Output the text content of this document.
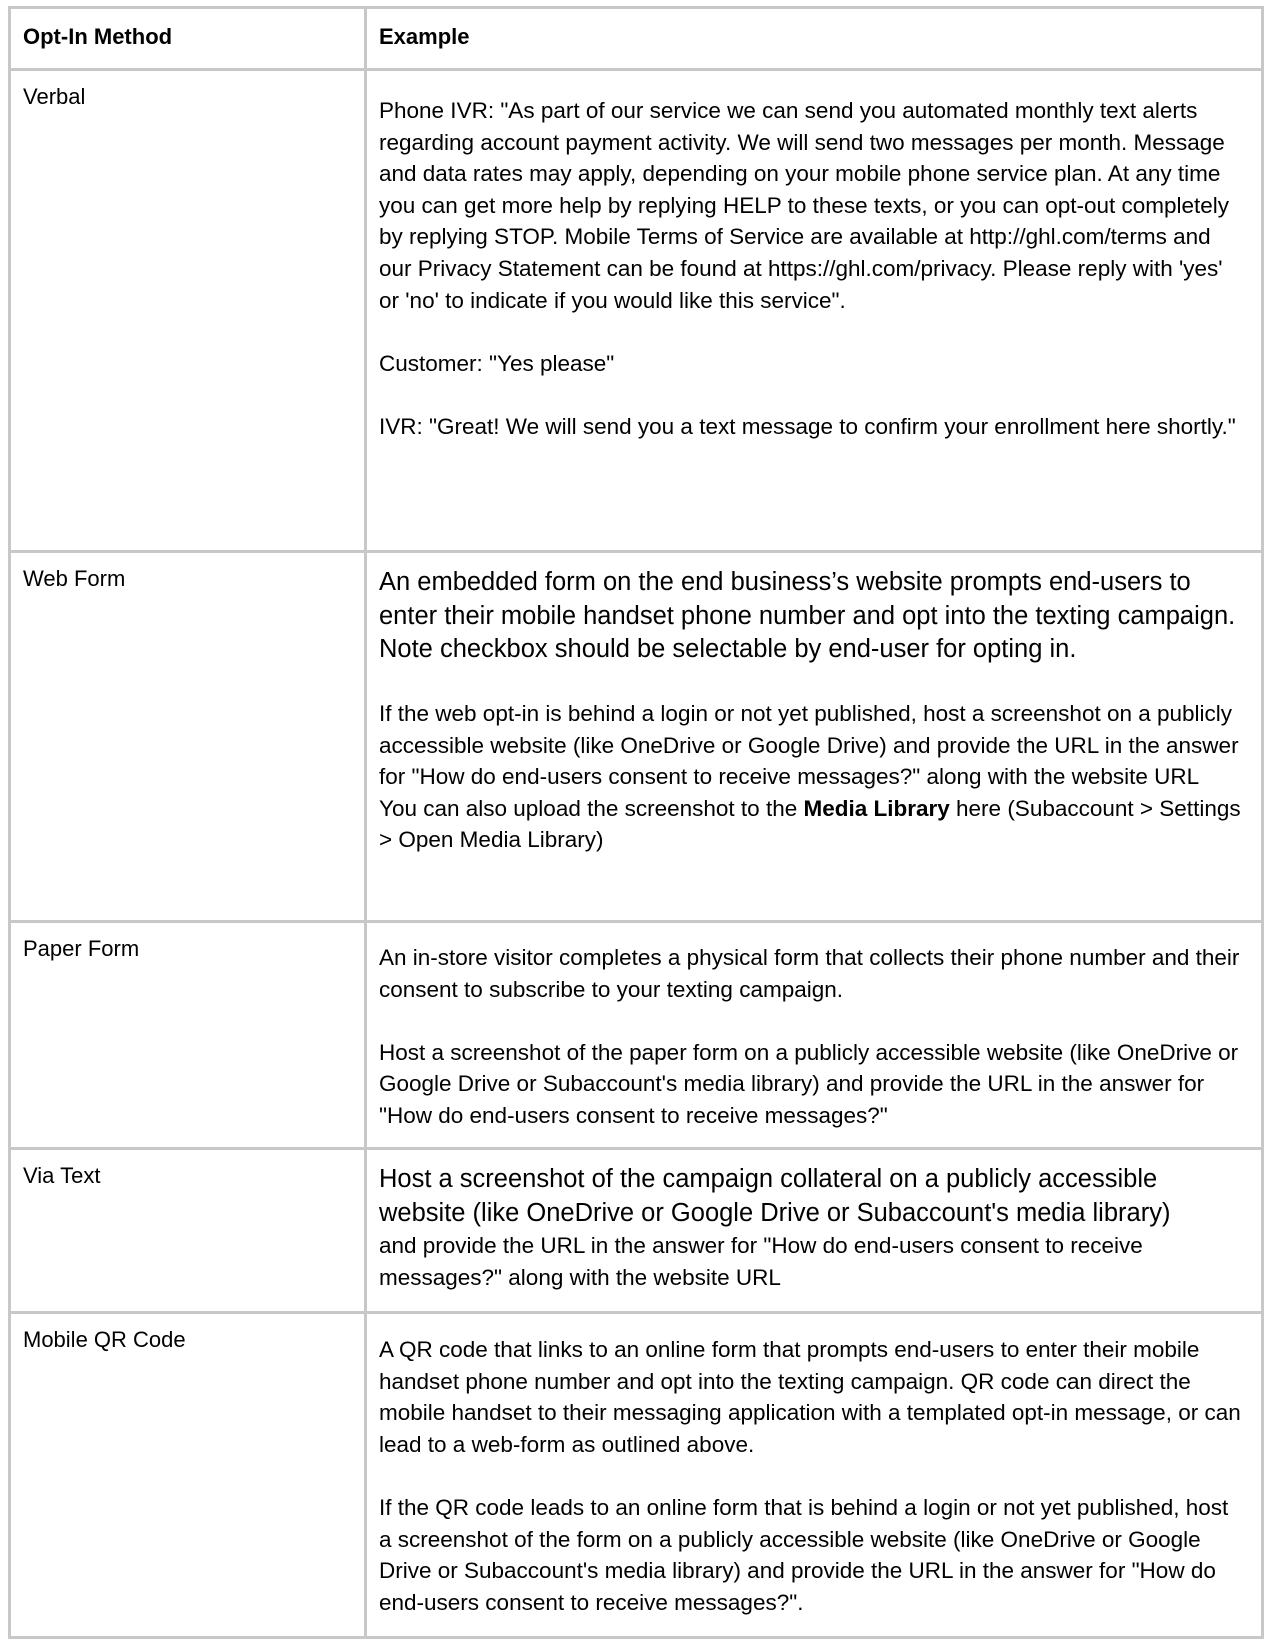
Opt-In Method	Example

Verbal	Phone IVR: "As part of our service we can send you automated monthly text alerts regarding account payment activity. We will send two messages per month. Message and data rates may apply, depending on your mobile phone service plan. At any time you can get more help by replying HELP to these texts, or you can opt-out completely by replying STOP. Mobile Terms of Service are available at http://ghl.com/terms and our Privacy Statement can be found at https://ghl.com/privacy. Please reply with 'yes' or 'no' to indicate if you would like this service".

Customer: "Yes please"

IVR: "Great! We will send you a text message to confirm your enrollment here shortly."

Web Form	An embedded form on the end business’s website prompts end-users to enter their mobile handset phone number and opt into the texting campaign. Note checkbox should be selectable by end-user for opting in.

If the web opt-in is behind a login or not yet published, host a screenshot on a publicly accessible website (like OneDrive or Google Drive) and provide the URL in the answer for "How do end-users consent to receive messages?" along with the website URL

You can also upload the screenshot to the Media Library here (Subaccount > Settings > Open Media Library)

Paper Form	An in-store visitor completes a physical form that collects their phone number and their consent to subscribe to your texting campaign.

Host a screenshot of the paper form on a publicly accessible website (like OneDrive or Google Drive or Subaccount's media library) and provide the URL in the answer for "How do end-users consent to receive messages?"

Via Text	Host a screenshot of the campaign collateral on a publicly accessible website (like OneDrive or Google Drive or Subaccount's media library)

and provide the URL in the answer for "How do end-users consent to receive messages?" along with the website URL

Mobile QR Code	A QR code that links to an online form that prompts end-users to enter their mobile handset phone number and opt into the texting campaign. QR code can direct the mobile handset to their messaging application with a templated opt-in message, or can lead to a web-form as outlined above.

If the QR code leads to an online form that is behind a login or not yet published, host a screenshot of the form on a publicly accessible website (like OneDrive or Google Drive or Subaccount's media library) and provide the URL in the answer for "How do end-users consent to receive messages?".
